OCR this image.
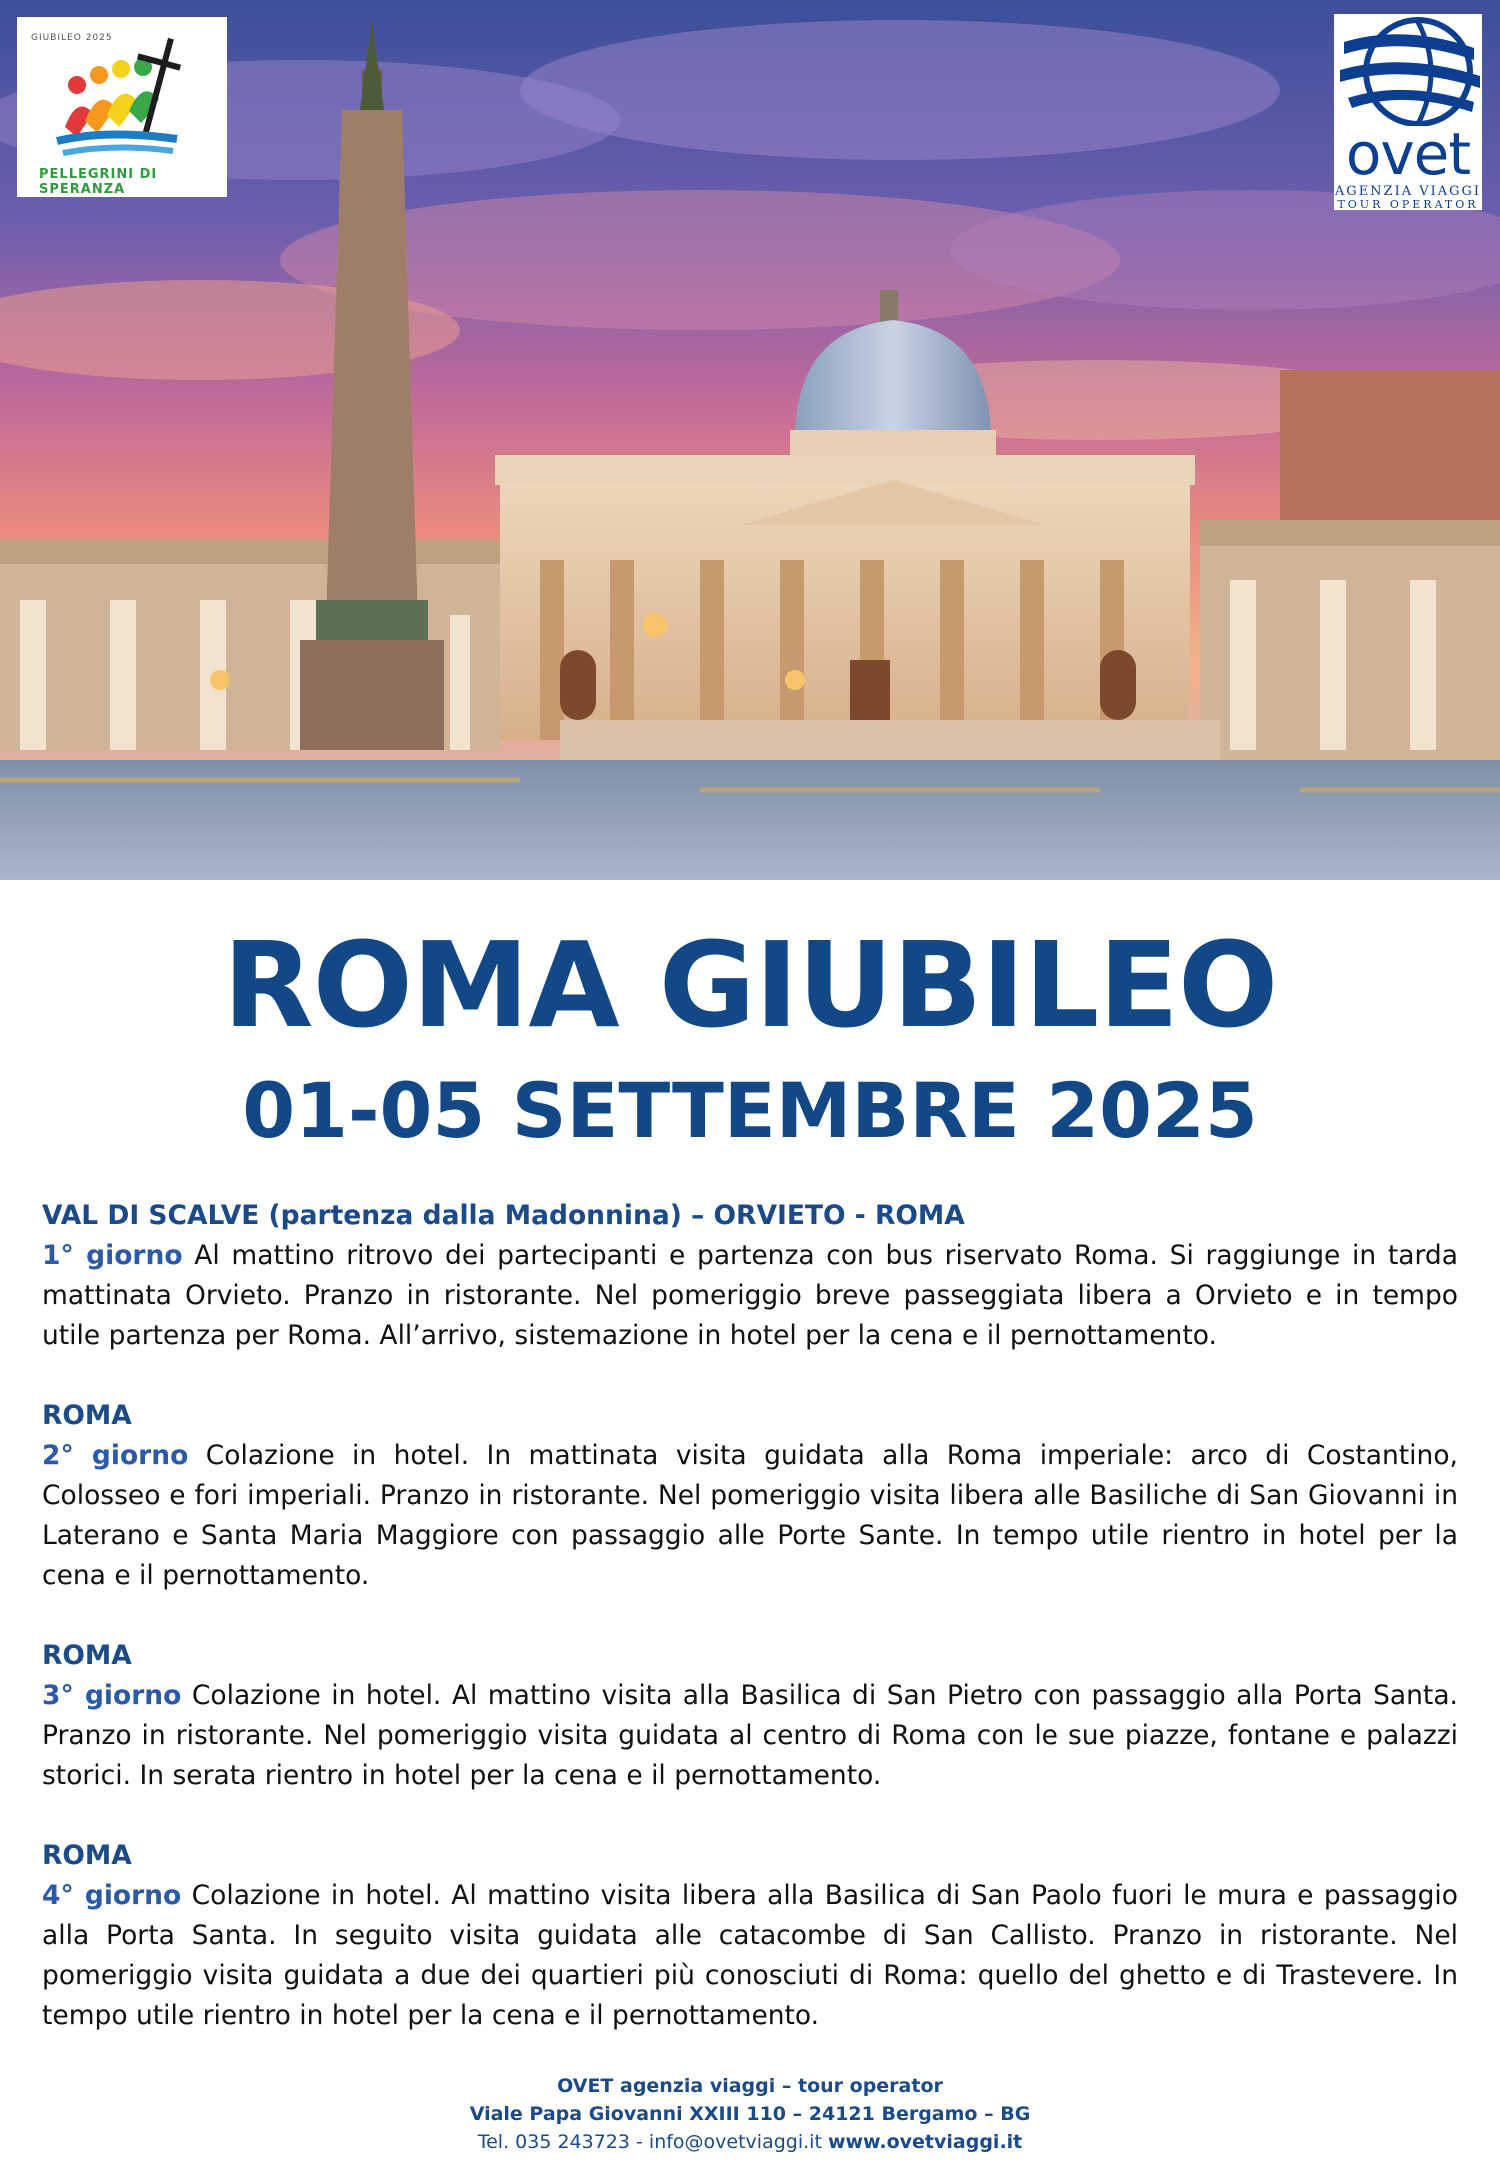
GIUBILEO 2025
PELLEGRINI DI SPERANZA
ovet
AGENZIA VIAGGI
TOUR OPERATOR
ROMA GIUBILEO
01-05 SETTEMBRE 2025

VAL DI SCALVE (partenza dalla Madonnina) – ORVIETO - ROMA

1° giorno Al mattino ritrovo dei partecipanti e partenza con bus riservato Roma. Si raggiunge in tarda mattinata Orvieto. Pranzo in ristorante. Nel pomeriggio breve passeggiata libera a Orvieto e in tempo utile partenza per Roma. All’arrivo, sistemazione in hotel per la cena e il pernottamento.

ROMA

2° giorno Colazione in hotel. In mattinata visita guidata alla Roma imperiale: arco di Costantino, Colosseo e fori imperiali. Pranzo in ristorante. Nel pomeriggio visita libera alle Basiliche di San Giovanni in Laterano e Santa Maria Maggiore con passaggio alle Porte Sante. In tempo utile rientro in hotel per la cena e il pernottamento.

ROMA

3° giorno Colazione in hotel. Al mattino visita alla Basilica di San Pietro con passaggio alla Porta Santa. Pranzo in ristorante. Nel pomeriggio visita guidata al centro di Roma con le sue piazze, fontane e palazzi storici. In serata rientro in hotel per la cena e il pernottamento.

ROMA

4° giorno Colazione in hotel. Al mattino visita libera alla Basilica di San Paolo fuori le mura e passaggio alla Porta Santa. In seguito visita guidata alle catacombe di San Callisto. Pranzo in ristorante. Nel pomeriggio visita guidata a due dei quartieri più conosciuti di Roma: quello del ghetto e di Trastevere. In tempo utile rientro in hotel per la cena e il pernottamento.

OVET agenzia viaggi – tour operator
Viale Papa Giovanni XXIII 110 – 24121 Bergamo – BG
Tel. 035 243723 - info@ovetviaggi.it www.ovetviaggi.it
